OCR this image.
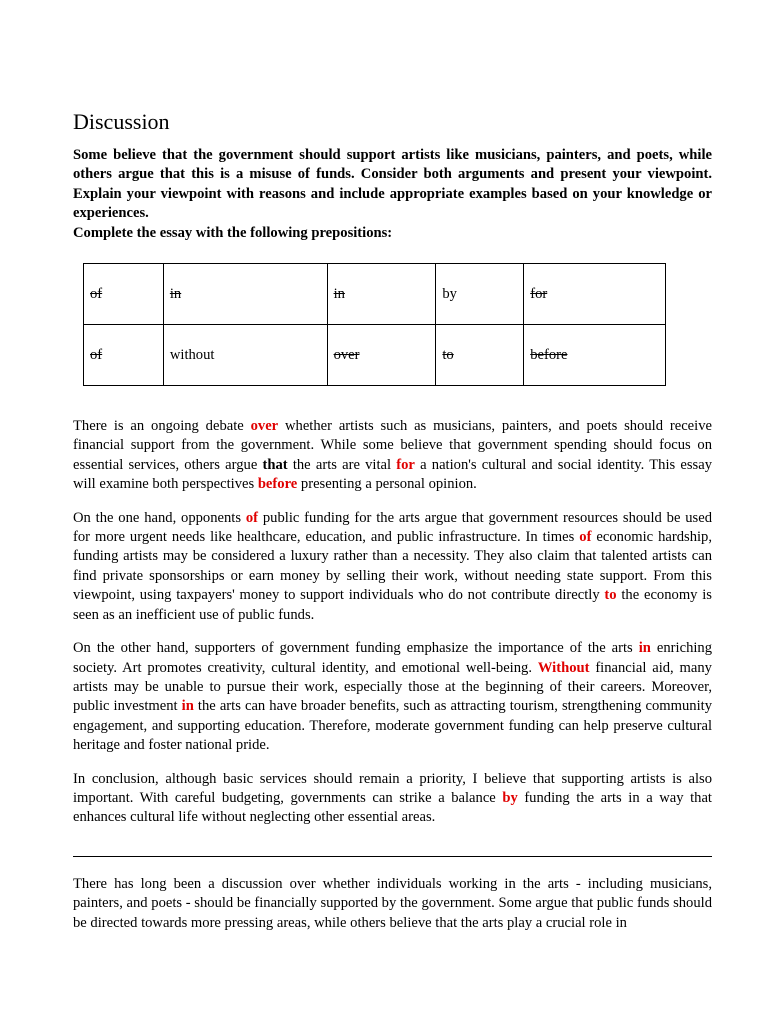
Discussion

Some believe that the government should support artists like musicians, painters, and poets, while others argue that this is a misuse of funds. Consider both arguments and present your viewpoint. Explain your viewpoint with reasons and include appropriate examples based on your knowledge or experiences.

Complete the essay with the following prepositions:

of	in	in	by	for
of	without	over	to	before

There is an ongoing debate over whether artists such as musicians, painters, and poets should receive financial support from the government. While some believe that government spending should focus on essential services, others argue that the arts are vital for a nation's cultural and social identity. This essay will examine both perspectives before presenting a personal opinion.

On the one hand, opponents of public funding for the arts argue that government resources should be used for more urgent needs like healthcare, education, and public infrastructure. In times of economic hardship, funding artists may be considered a luxury rather than a necessity. They also claim that talented artists can find private sponsorships or earn money by selling their work, without needing state support. From this viewpoint, using taxpayers' money to support individuals who do not contribute directly to the economy is seen as an inefficient use of public funds.

On the other hand, supporters of government funding emphasize the importance of the arts in enriching society. Art promotes creativity, cultural identity, and emotional well-being. Without financial aid, many artists may be unable to pursue their work, especially those at the beginning of their careers. Moreover, public investment in the arts can have broader benefits, such as attracting tourism, strengthening community engagement, and supporting education. Therefore, moderate government funding can help preserve cultural heritage and foster national pride.

In conclusion, although basic services should remain a priority, I believe that supporting artists is also important. With careful budgeting, governments can strike a balance by funding the arts in a way that enhances cultural life without neglecting other essential areas.

There has long been a discussion over whether individuals working in the arts - including musicians, painters, and poets - should be financially supported by the government. Some argue that public funds should be directed towards more pressing areas, while others believe that the arts play a crucial role in
